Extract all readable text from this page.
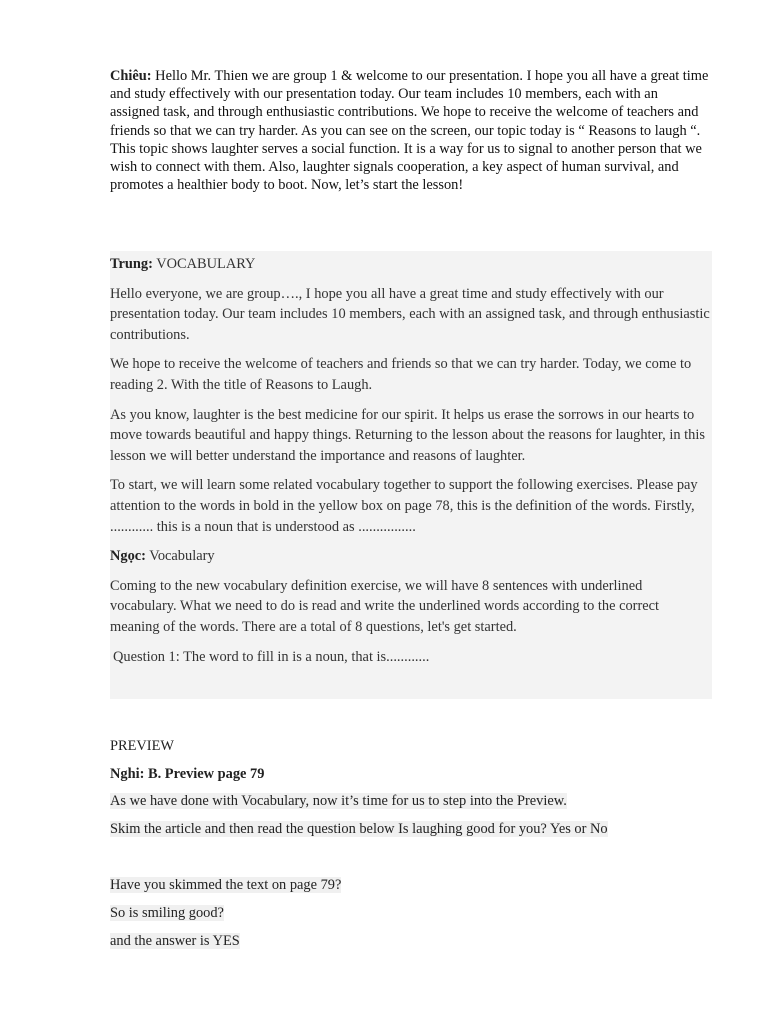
Chiêu: Hello Mr. Thien we are group 1 & welcome to our presentation. I hope you all have a great time and study effectively with our presentation today. Our team includes 10 members, each with an assigned task, and through enthusiastic contributions. We hope to receive the welcome of teachers and friends so that we can try harder. As you can see on the screen, our topic today is “ Reasons to laugh “. This topic shows laughter serves a social function. It is a way for us to signal to another person that we wish to connect with them. Also, laughter signals cooperation, a key aspect of human survival, and promotes a healthier body to boot. Now, let’s start the lesson!

Trung: VOCABULARY

Hello everyone, we are group…., I hope you all have a great time and study effectively with our presentation today. Our team includes 10 members, each with an assigned task, and through enthusiastic contributions.

We hope to receive the welcome of teachers and friends so that we can try harder. Today, we come to reading 2. With the title of Reasons to Laugh.

As you know, laughter is the best medicine for our spirit. It helps us erase the sorrows in our hearts to move towards beautiful and happy things. Returning to the lesson about the reasons for laughter, in this lesson we will better understand the importance and reasons of laughter.

To start, we will learn some related vocabulary together to support the following exercises. Please pay attention to the words in bold in the yellow box on page 78, this is the definition of the words. Firstly, ............ this is a noun that is understood as ................

Ngọc: Vocabulary

Coming to the new vocabulary definition exercise, we will have 8 sentences with underlined vocabulary. What we need to do is read and write the underlined words according to the correct meaning of the words. There are a total of 8 questions, let's get started.

Question 1: The word to fill in is a noun, that is............

PREVIEW

Nghi: B. Preview page 79

As we have done with Vocabulary, now it’s time for us to step into the Preview.

Skim the article and then read the question below Is laughing good for you? Yes or No

Have you skimmed the text on page 79?

So is smiling good?

and the answer is YES
